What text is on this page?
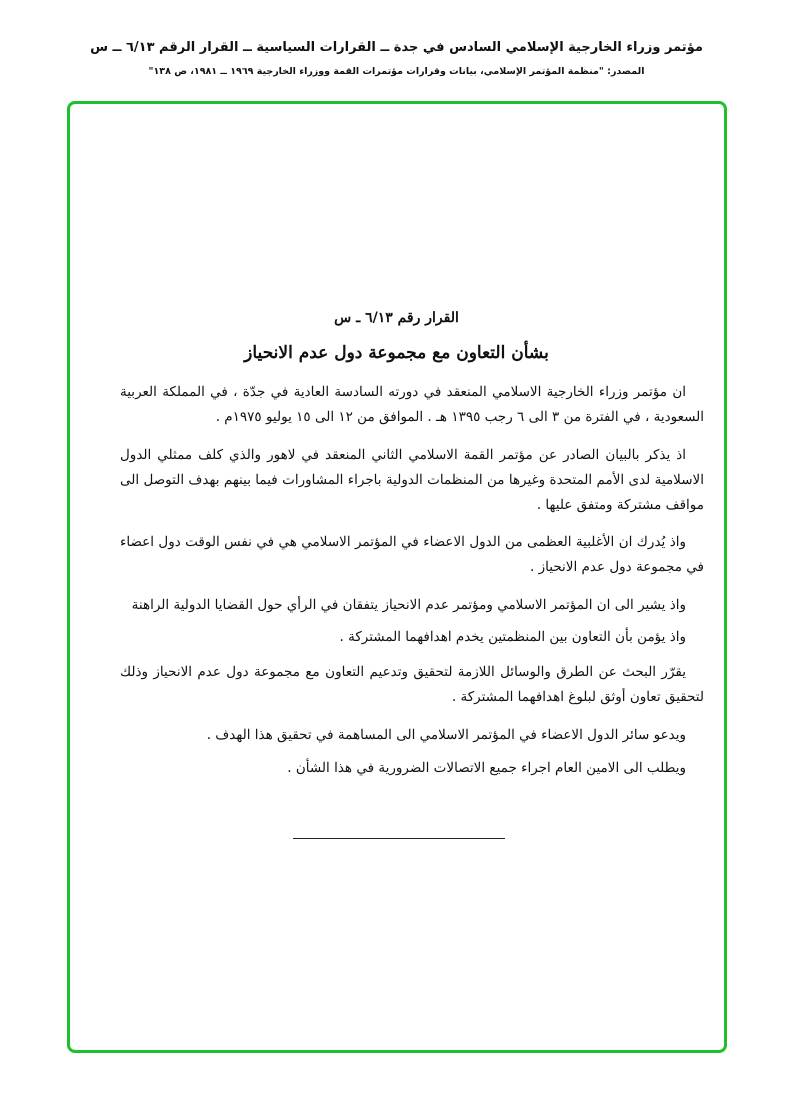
مؤتمر وزراء الخارجية الإسلامي السادس في جدة ــ القرارات السياسية ــ القرار الرقم ٦/١٣ ــ س
المصدر: "منظمة المؤتمر الإسلامي، بيانات وقرارات مؤتمرات القمة ووزراء الخارجية ١٩٦٩ ــ ١٩٨١، ص ١٣٨"
القرار رقم ٦/١٣ ـ س
بشأن التعاون مع مجموعة دول عدم الانحياز
ان مؤتمر وزراء الخارجية الاسلامي المنعقد في دورته السادسة العادية في جدّة ، في المملكة العربية السعودية ، في الفترة من ٣ الى ٦ رجب ١٣٩٥ هـ . الموافق من ١٢ الى ١٥ يوليو ١٩٧٥م .
اذ يذكر بالبيان الصادر عن مؤتمر القمة الاسلامي الثاني المنعقد في لاهور والذي كلف ممثلي الدول الاسلامية لدى الأمم المتحدة وغيرها من المنظمات الدولية باجراء المشاورات فيما بينهم بهدف التوصل الى مواقف مشتركة ومتفق عليها .
واذ يُدرك ان الأغلبية العظمى من الدول الاعضاء في المؤتمر الاسلامي هي في نفس الوقت دول اعضاء في مجموعة دول عدم الانحياز .
واذ يشير الى ان المؤتمر الاسلامي ومؤتمر عدم الانحياز يتفقان في الرأي حول القضايا الدولية الراهنة
واذ يؤمن بأن التعاون بين المنظمتين يخدم اهدافهما المشتركة .
يقرّر البحث عن الطرق والوسائل اللازمة لتحقيق وتدعيم التعاون مع مجموعة دول عدم الانحياز وذلك لتحقيق تعاون أوثق لبلوغ اهدافهما المشتركة .
ويدعو سائر الدول الاعضاء في المؤتمر الاسلامي الى المساهمة في تحقيق هذا الهدف .
ويطلب الى الامين العام اجراء جميع الاتصالات الضرورية في هذا الشأن .
